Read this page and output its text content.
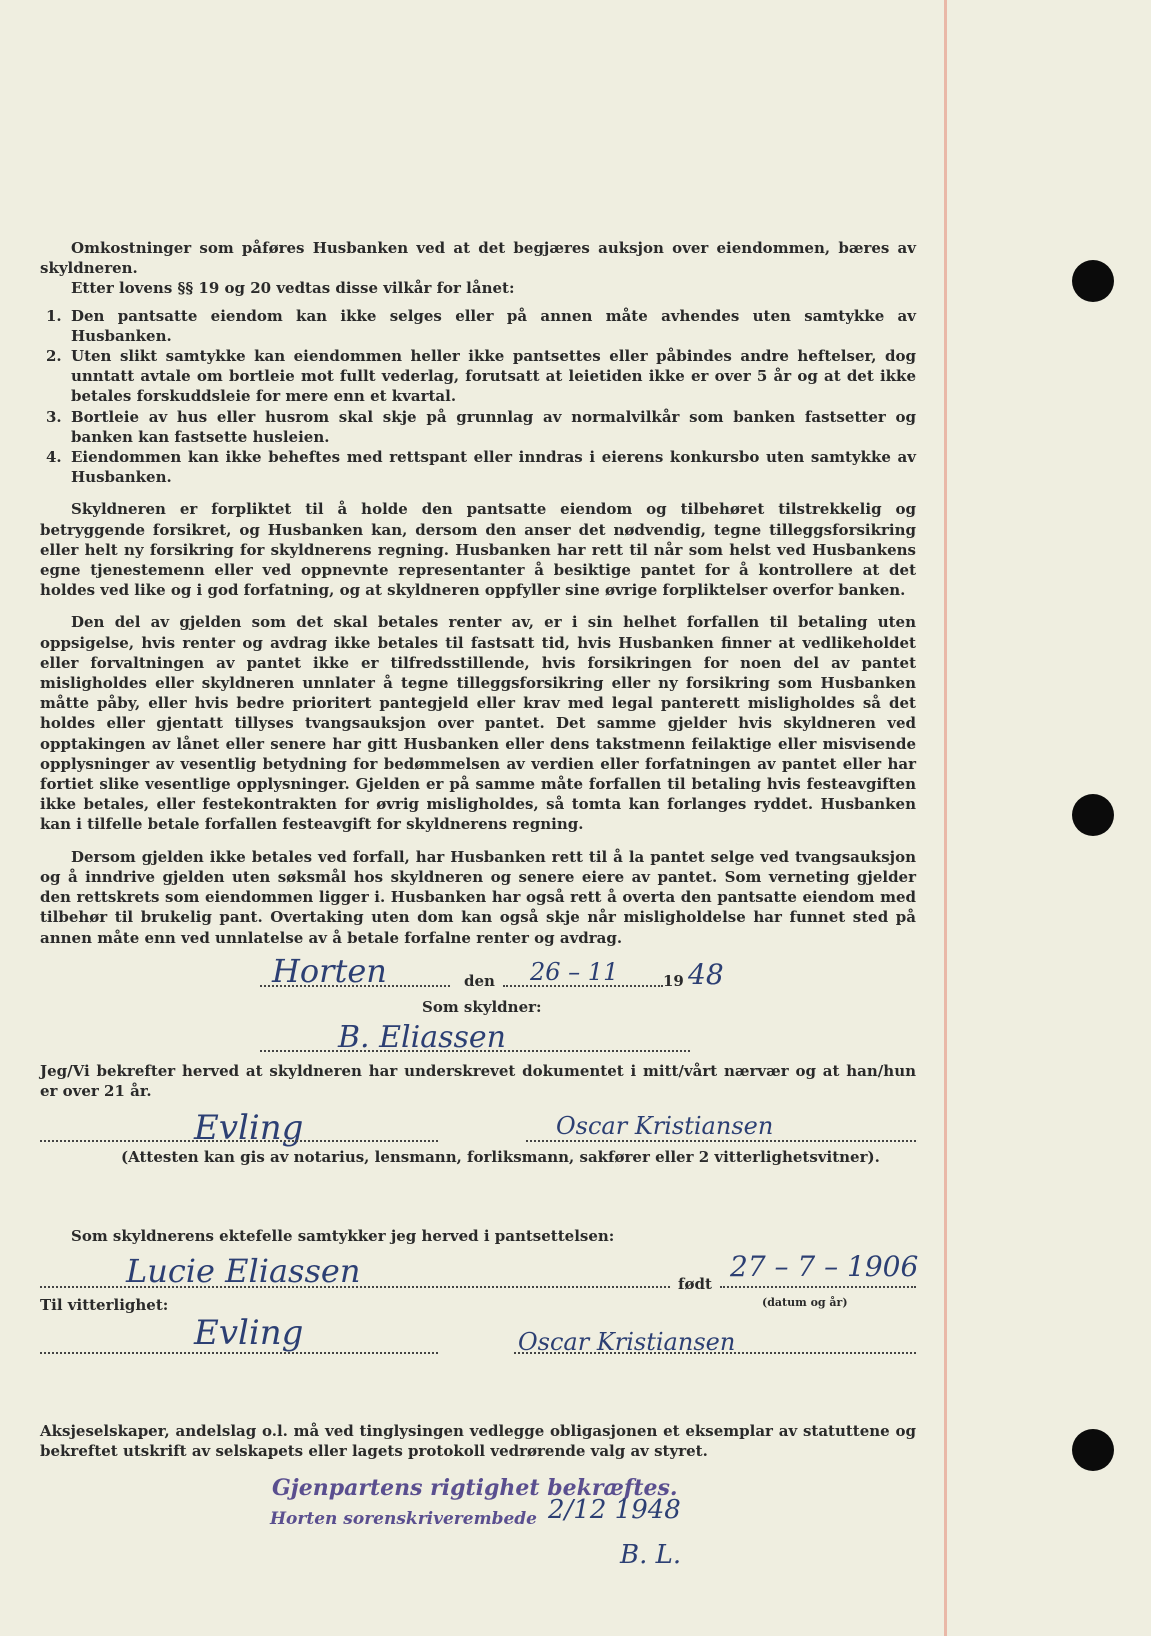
Omkostninger som påføres Husbanken ved at det begjæres auksjon over eiendommen, bæres av skyldneren.

Etter lovens §§ 19 og 20 vedtas disse vilkår for lånet:

1. Den pantsatte eiendom kan ikke selges eller på annen måte avhendes uten samtykke av Husbanken.
2. Uten slikt samtykke kan eiendommen heller ikke pantsettes eller påbindes andre heftelser, dog unntatt avtale om bortleie mot fullt vederlag, forutsatt at leietiden ikke er over 5 år og at det ikke betales forskuddsleie for mere enn et kvartal.
3. Bortleie av hus eller husrom skal skje på grunnlag av normalvilkår som banken fastsetter og banken kan fastsette husleien.
4. Eiendommen kan ikke beheftes med rettspant eller inndras i eierens konkursbo uten samtykke av Husbanken.

Skyldneren er forpliktet til å holde den pantsatte eiendom og tilbehøret tilstrekkelig og betryggende forsikret, og Husbanken kan, dersom den anser det nødvendig, tegne tilleggsforsikring eller helt ny forsikring for skyldnerens regning. Husbanken har rett til når som helst ved Husbankens egne tjenestemenn eller ved oppnevnte representanter å besiktige pantet for å kontrollere at det holdes ved like og i god forfatning, og at skyldneren oppfyller sine øvrige forpliktelser overfor banken.

Den del av gjelden som det skal betales renter av, er i sin helhet forfallen til betaling uten oppsigelse, hvis renter og avdrag ikke betales til fastsatt tid, hvis Husbanken finner at vedlikeholdet eller forvaltningen av pantet ikke er tilfredsstillende, hvis forsikringen for noen del av pantet misligholdes eller skyldneren unnlater å tegne tilleggsforsikring eller ny forsikring som Husbanken måtte påby, eller hvis bedre prioritert pantegjeld eller krav med legal panterett misligholdes så det holdes eller gjentatt tillyses tvangsauksjon over pantet. Det samme gjelder hvis skyldneren ved opptakingen av lånet eller senere har gitt Husbanken eller dens takstmenn feilaktige eller misvisende opplysninger av vesentlig betydning for bedømmelsen av verdien eller forfatningen av pantet eller har fortiet slike vesentlige opplysninger. Gjelden er på samme måte forfallen til betaling hvis festeavgiften ikke betales, eller festekontrakten for øvrig misligholdes, så tomta kan forlanges ryddet. Husbanken kan i tilfelle betale forfallen festeavgift for skyldnerens regning.

Dersom gjelden ikke betales ved forfall, har Husbanken rett til å la pantet selge ved tvangsauksjon og å inndrive gjelden uten søksmål hos skyldneren og senere eiere av pantet. Som verneting gjelder den rettskrets som eiendommen ligger i. Husbanken har også rett å overta den pantsatte eiendom med tilbehør til brukelig pant. Overtaking uten dom kan også skje når misligholdelse har funnet sted på annen måte enn ved unnlatelse av å betale forfalne renter og avdrag.

Horten	den 26 – 11	19 48
Som skyldner:
B. Eliassen
Jeg/Vi bekrefter herved at skyldneren har underskrevet dokumentet i mitt/vårt nærvær og at han/hun er over 21 år.
Evling	Oscar Kristiansen
(Attesten kan gis av notarius, lensmann, forliksmann, sakfører eller 2 vitterlighetsvitner).
Som skyldnerens ektefelle samtykker jeg herved i pantsettelsen:
Lucie Eliassen	født
27 – 7 – 1906
(datum og år)
Til vitterlighet:
Evling	Oscar Kristiansen
Aksjeselskaper, andelslag o.l. må ved tinglysingen vedlegge obligasjonen et eksemplar av statuttene og bekreftet utskrift av selskapets eller lagets protokoll vedrørende valg av styret.
Gjenpartens rigtighet bekræftes.
Horten sorenskriverembede 2/12 1948
B. L.
